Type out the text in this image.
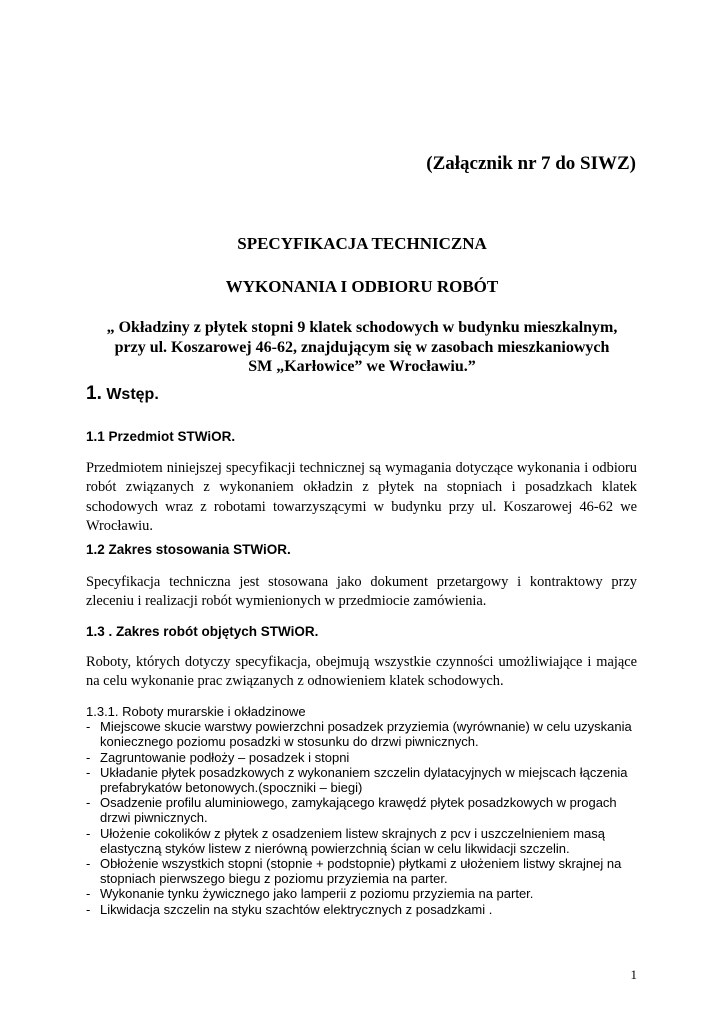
(Załącznik nr 7 do SIWZ)
SPECYFIKACJA TECHNICZNA
WYKONANIA I ODBIORU ROBÓT
„ Okładziny z płytek stopni 9 klatek schodowych w budynku mieszkalnym,
przy ul. Koszarowej 46-62, znajdującym się w zasobach mieszkaniowych
SM „Karłowice” we Wrocławiu.”
1. Wstęp.
1.1 Przedmiot STWiOR.
Przedmiotem niniejszej specyfikacji technicznej są wymagania dotyczące wykonania i odbioru robót związanych z wykonaniem okładzin z płytek na stopniach i posadzkach klatek schodowych wraz z robotami towarzyszącymi w budynku przy ul. Koszarowej 46-62 we Wrocławiu.
1.2 Zakres stosowania STWiOR.
Specyfikacja techniczna jest stosowana jako dokument przetargowy i kontraktowy przy zleceniu i realizacji robót wymienionych w przedmiocie zamówienia.
1.3 . Zakres robót objętych STWiOR.
Roboty, których dotyczy specyfikacja, obejmują wszystkie czynności umożliwiające i mające na celu wykonanie prac związanych z odnowieniem klatek schodowych.
1.3.1. Roboty murarskie i okładzinowe
- Miejscowe skucie warstwy powierzchni posadzek przyziemia (wyrównanie) w celu uzyskania koniecznego poziomu posadzki w stosunku do drzwi piwnicznych.
- Zagruntowanie podłoży – posadzek i stopni
- Układanie płytek posadzkowych z wykonaniem szczelin dylatacyjnych w miejscach łączenia prefabrykatów betonowych.(spoczniki – biegi)
- Osadzenie profilu aluminiowego, zamykającego krawędź płytek posadzkowych w progach drzwi piwnicznych.
- Ułożenie cokolików z płytek z osadzeniem listew skrajnych z pcv i uszczelnieniem masą elastyczną styków listew z nierówną powierzchnią ścian w celu likwidacji szczelin.
- Obłożenie wszystkich stopni (stopnie + podstopnie) płytkami z ułożeniem listwy skrajnej na stopniach pierwszego biegu z poziomu przyziemia na parter.
- Wykonanie tynku żywicznego jako lamperii z poziomu przyziemia na parter.
- Likwidacja szczelin na styku szachtów elektrycznych z posadzkami .
1
